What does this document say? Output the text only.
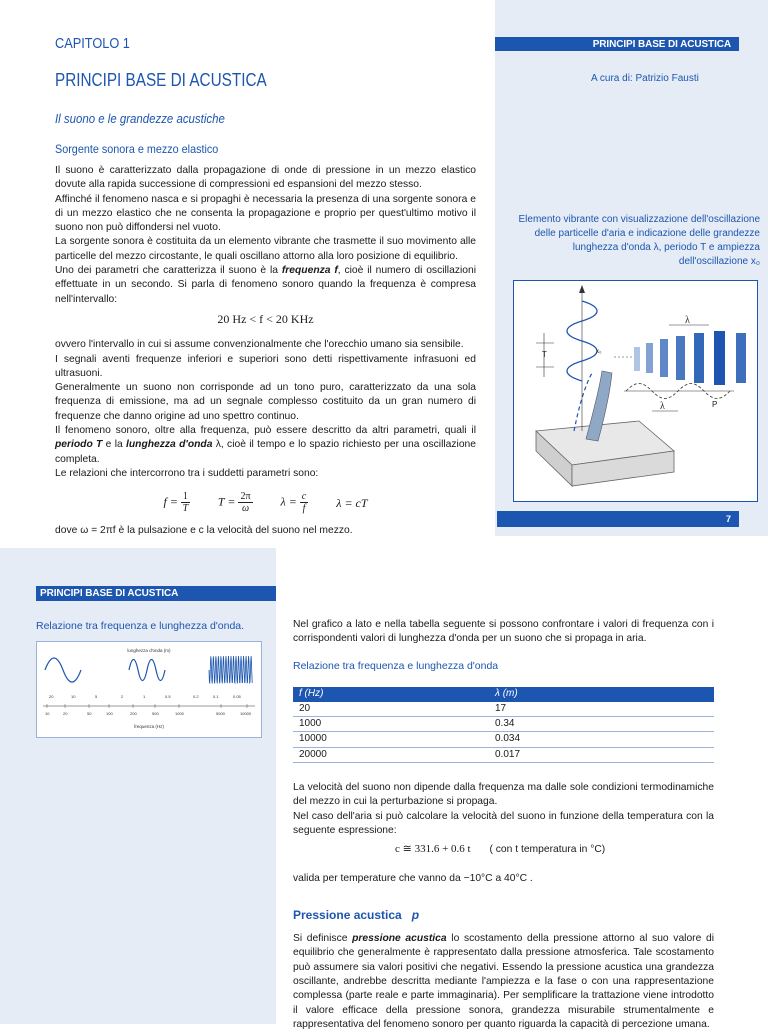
CAPITOLO 1
PRINCIPI BASE DI ACUSTICA
Il suono e le grandezze acustiche
Sorgente sonora e mezzo elastico
PRINCIPI BASE DI ACUSTICA
A cura di: Patrizio Fausti

Il suono è caratterizzato dalla propagazione di onde di pressione in un mezzo elastico dovute alla rapida successione di compressioni ed espansioni del mezzo stesso.

Affinché il fenomeno nasca e si propaghi è necessaria la presenza di una sorgente sonora e di un mezzo elastico che ne consenta la propagazione e proprio per quest'ultimo motivo il suono non può diffondersi nel vuoto.

La sorgente sonora è costituita da un elemento vibrante che trasmette il suo movimento alle particelle del mezzo circostante, le quali oscillano attorno alla loro posizione di equilibrio.

Uno dei parametri che caratterizza il suono è la frequenza f, cioè il numero di oscillazioni effettuate in un secondo. Si parla di fenomeno sonoro quando la frequenza è compresa nell'intervallo:

20 Hz < f < 20 KHz

ovvero l'intervallo in cui si assume convenzionalmente che l'orecchio umano sia sensibile.

I segnali aventi frequenze inferiori e superiori sono detti rispettivamente infrasuoni ed ultrasuoni.

Generalmente un suono non corrisponde ad un tono puro, caratterizzato da una sola frequenza di emissione, ma ad un segnale complesso costituito da un gran numero di frequenze che danno origine ad uno spettro continuo.

Il fenomeno sonoro, oltre alla frequenza, può essere descritto da altri parametri, quali il periodo T e la lunghezza d'onda λ, cioè il tempo e lo spazio richiesto per una oscillazione completa.

Le relazioni che intercorrono tra i suddetti parametri sono:

$f = \frac{1}{T}$ $T = \frac{2\pi}{\omega}$ $\lambda = \frac{c}{f}$ λ = cT

dove ω = 2πf è la pulsazione e c la velocità del suono nel mezzo.

Elemento vibrante con visualizzazione dell'oscillazione delle particelle d'aria e indicazione delle grandezze lunghezza d'onda λ, periodo T e ampiezza dell'oscillazione x₀
T	x₀
λ
P
λ
7
PRINCIPI BASE DI ACUSTICA
Relazione tra frequenza e lunghezza d'onda.
lunghezza d'onda (m)
20	10	5	2	1	0.5	0.2	0.1	0.05
10	20	50	100	200	500	1000	5000	10000
frequenza (Hz)

Nel grafico a lato e nella tabella seguente si possono confrontare i valori di frequenza con i corrispondenti valori di lunghezza d'onda per un suono che si propaga in aria.

Relazione tra frequenza e lunghezza d'onda
f (Hz)	λ (m)
20	17
1000	0.34
10000	0.034
20000	0.017

La velocità del suono non dipende dalla frequenza ma dalle sole condizioni termodinamiche del mezzo in cui la perturbazione si propaga.

Nel caso dell'aria si può calcolare la velocità del suono in funzione della temperatura con la seguente espressione:

c ≅ 331.6 + 0.6 t ( con t temperatura in °C)

valida per temperature che vanno da −10°C a 40°C .

Pressione acustica p

Si definisce pressione acustica lo scostamento della pressione attorno al suo valore di equilibrio che generalmente è rappresentato dalla pressione atmosferica. Tale scostamento può assumere sia valori positivi che negativi. Essendo la pressione acustica una grandezza oscillante, andrebbe descritta mediante l'ampiezza e la fase o con una rappresentazione complessa (parte reale e parte immaginaria). Per semplificare la trattazione viene introdotto il valore efficace della pressione sonora, grandezza misurabile strumentalmente e rappresentativa del fenomeno sonoro per quanto riguarda la capacità di percezione umana.
